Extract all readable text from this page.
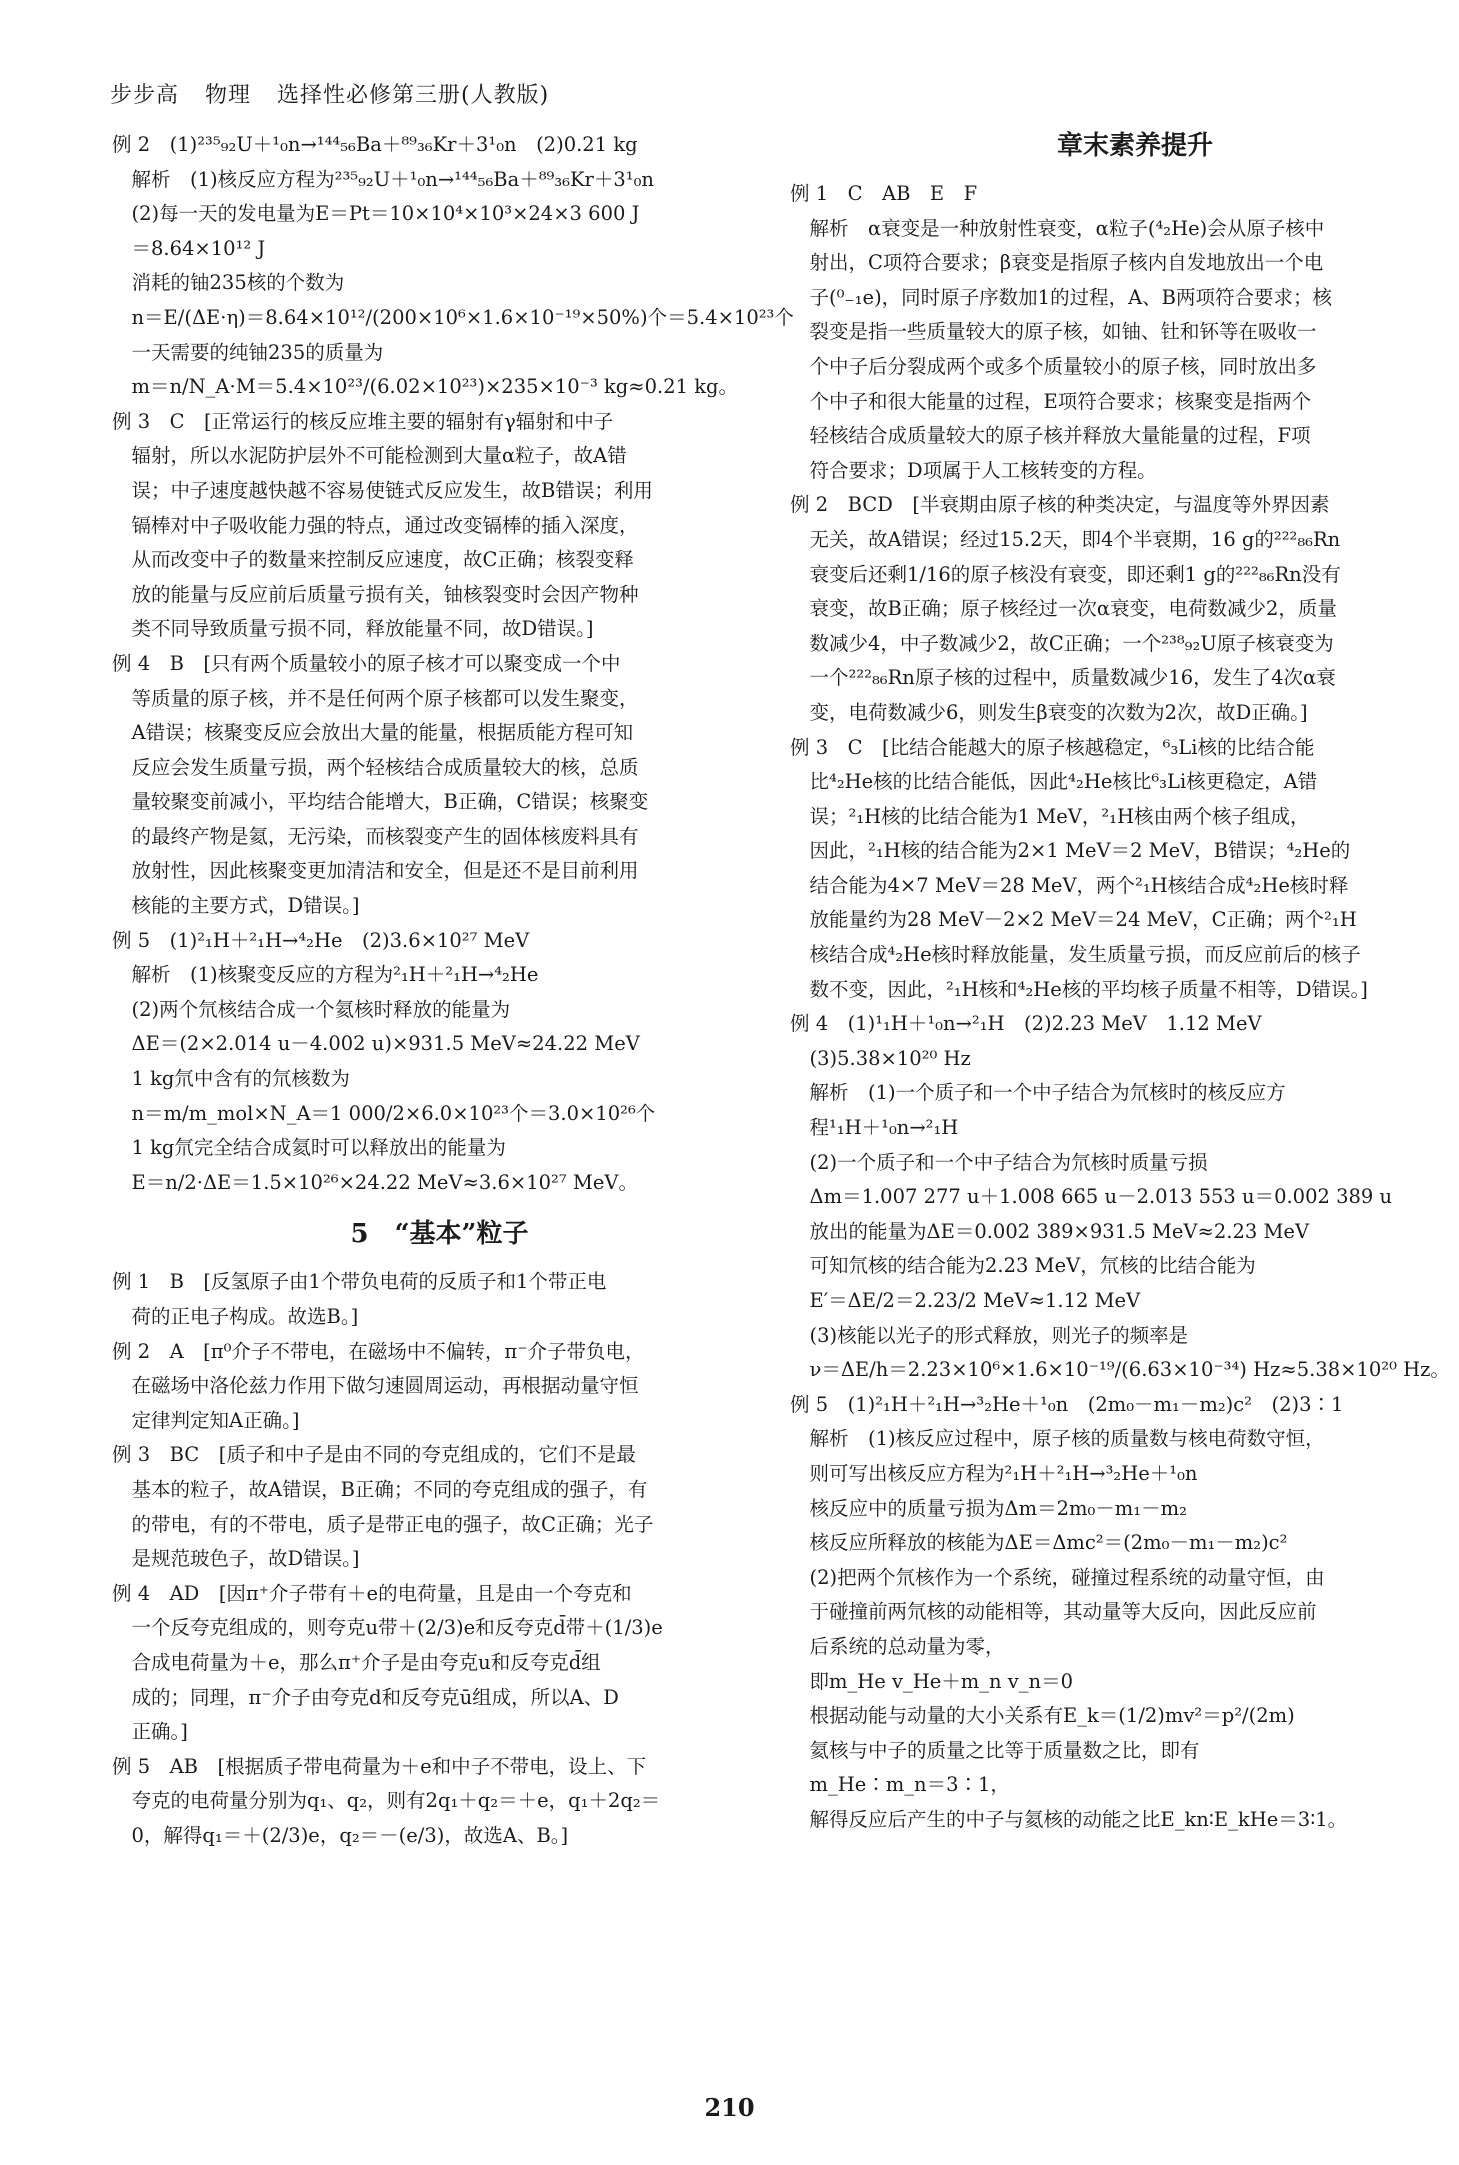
步步高 物理 选择性必修第三册(人教版)

例 2　(1)²³⁵₉₂U＋¹₀n→¹⁴⁴₅₆Ba＋⁸⁹₃₆Kr＋3¹₀n　(2)0.21 kg

　解析　(1)核反应方程为²³⁵₉₂U＋¹₀n→¹⁴⁴₅₆Ba＋⁸⁹₃₆Kr＋3¹₀n

　(2)每一天的发电量为E＝Pt＝10×10⁴×10³×24×3 600 J

　＝8.64×10¹² J

　消耗的铀235核的个数为

　n＝E/(ΔE·η)＝8.64×10¹²/(200×10⁶×1.6×10⁻¹⁹×50%)个＝5.4×10²³个

　一天需要的纯铀235的质量为

　m＝n/N_A·M＝5.4×10²³/(6.02×10²³)×235×10⁻³ kg≈0.21 kg。

例 3　C　[正常运行的核反应堆主要的辐射有γ辐射和中子

　辐射，所以水泥防护层外不可能检测到大量α粒子，故A错

　误；中子速度越快越不容易使链式反应发生，故B错误；利用

　镉棒对中子吸收能力强的特点，通过改变镉棒的插入深度，

　从而改变中子的数量来控制反应速度，故C正确；核裂变释

　放的能量与反应前后质量亏损有关，铀核裂变时会因产物种

　类不同导致质量亏损不同，释放能量不同，故D错误。]

例 4　B　[只有两个质量较小的原子核才可以聚变成一个中

　等质量的原子核，并不是任何两个原子核都可以发生聚变，

　A错误；核聚变反应会放出大量的能量，根据质能方程可知

　反应会发生质量亏损，两个轻核结合成质量较大的核，总质

　量较聚变前减小，平均结合能增大，B正确，C错误；核聚变

　的最终产物是氦，无污染，而核裂变产生的固体核废料具有

　放射性，因此核聚变更加清洁和安全，但是还不是目前利用

　核能的主要方式，D错误。]

例 5　(1)²₁H＋²₁H→⁴₂He　(2)3.6×10²⁷ MeV

　解析　(1)核聚变反应的方程为²₁H＋²₁H→⁴₂He

　(2)两个氘核结合成一个氦核时释放的能量为

　ΔE＝(2×2.014 u－4.002 u)×931.5 MeV≈24.22 MeV

　1 kg氘中含有的氘核数为

　n＝m/m_mol×N_A＝1 000/2×6.0×10²³个＝3.0×10²⁶个

　1 kg氘完全结合成氦时可以释放出的能量为

　E＝n/2·ΔE＝1.5×10²⁶×24.22 MeV≈3.6×10²⁷ MeV。

5　“基本”粒子

例 1　B　[反氢原子由1个带负电荷的反质子和1个带正电

　荷的正电子构成。故选B。]

例 2　A　[π⁰介子不带电，在磁场中不偏转，π⁻介子带负电，

　在磁场中洛伦兹力作用下做匀速圆周运动，再根据动量守恒

　定律判定知A正确。]

例 3　BC　[质子和中子是由不同的夸克组成的，它们不是最

　基本的粒子，故A错误，B正确；不同的夸克组成的强子，有

　的带电，有的不带电，质子是带正电的强子，故C正确；光子

　是规范玻色子，故D错误。]

例 4　AD　[因π⁺介子带有＋e的电荷量，且是由一个夸克和

　一个反夸克组成的，则夸克u带＋(2/3)e和反夸克d̄带＋(1/3)e

　合成电荷量为＋e，那么π⁺介子是由夸克u和反夸克d̄组

　成的；同理，π⁻介子由夸克d和反夸克ū组成，所以A、D

　正确。]

例 5　AB　[根据质子带电荷量为＋e和中子不带电，设上、下

　夸克的电荷量分别为q₁、q₂，则有2q₁＋q₂＝＋e，q₁＋2q₂＝

　0，解得q₁＝＋(2/3)e，q₂＝－(e/3)，故选A、B。]

章末素养提升

例 1　C　AB　E　F

　解析　α衰变是一种放射性衰变，α粒子(⁴₂He)会从原子核中

　射出，C项符合要求；β衰变是指原子核内自发地放出一个电

　子(⁰₋₁e)，同时原子序数加1的过程，A、B两项符合要求；核

　裂变是指一些质量较大的原子核，如铀、钍和钚等在吸收一

　个中子后分裂成两个或多个质量较小的原子核，同时放出多

　个中子和很大能量的过程，E项符合要求；核聚变是指两个

　轻核结合成质量较大的原子核并释放大量能量的过程，F项

　符合要求；D项属于人工核转变的方程。

例 2　BCD　[半衰期由原子核的种类决定，与温度等外界因素

　无关，故A错误；经过15.2天，即4个半衰期，16 g的²²²₈₆Rn

　衰变后还剩1/16的原子核没有衰变，即还剩1 g的²²²₈₆Rn没有

　衰变，故B正确；原子核经过一次α衰变，电荷数减少2，质量

　数减少4，中子数减少2，故C正确；一个²³⁸₉₂U原子核衰变为

　一个²²²₈₆Rn原子核的过程中，质量数减少16，发生了4次α衰

　变，电荷数减少6，则发生β衰变的次数为2次，故D正确。]

例 3　C　[比结合能越大的原子核越稳定，⁶₃Li核的比结合能

　比⁴₂He核的比结合能低，因此⁴₂He核比⁶₃Li核更稳定，A错

　误；²₁H核的比结合能为1 MeV，²₁H核由两个核子组成，

　因此，²₁H核的结合能为2×1 MeV＝2 MeV，B错误；⁴₂He的

　结合能为4×7 MeV＝28 MeV，两个²₁H核结合成⁴₂He核时释

　放能量约为28 MeV－2×2 MeV＝24 MeV，C正确；两个²₁H

　核结合成⁴₂He核时释放能量，发生质量亏损，而反应前后的核子

　数不变，因此，²₁H核和⁴₂He核的平均核子质量不相等，D错误。]

例 4　(1)¹₁H＋¹₀n→²₁H　(2)2.23 MeV　1.12 MeV

　(3)5.38×10²⁰ Hz

　解析　(1)一个质子和一个中子结合为氘核时的核反应方

　程¹₁H＋¹₀n→²₁H

　(2)一个质子和一个中子结合为氘核时质量亏损

　Δm＝1.007 277 u＋1.008 665 u－2.013 553 u＝0.002 389 u

　放出的能量为ΔE＝0.002 389×931.5 MeV≈2.23 MeV

　可知氘核的结合能为2.23 MeV，氘核的比结合能为

　E′＝ΔE/2＝2.23/2 MeV≈1.12 MeV

　(3)核能以光子的形式释放，则光子的频率是

　ν＝ΔE/h＝2.23×10⁶×1.6×10⁻¹⁹/(6.63×10⁻³⁴) Hz≈5.38×10²⁰ Hz。

例 5　(1)²₁H＋²₁H→³₂He＋¹₀n　(2m₀－m₁－m₂)c²　(2)3∶1

　解析　(1)核反应过程中，原子核的质量数与核电荷数守恒，

　则可写出核反应方程为²₁H＋²₁H→³₂He＋¹₀n

　核反应中的质量亏损为Δm＝2m₀－m₁－m₂

　核反应所释放的核能为ΔE＝Δmc²＝(2m₀－m₁－m₂)c²

　(2)把两个氘核作为一个系统，碰撞过程系统的动量守恒，由

　于碰撞前两氘核的动能相等，其动量等大反向，因此反应前

　后系统的总动量为零，

　即m_He v_He＋m_n v_n＝0

　根据动能与动量的大小关系有E_k＝(1/2)mv²＝p²/(2m)

　氦核与中子的质量之比等于质量数之比，即有

　m_He∶m_n＝3∶1，

　解得反应后产生的中子与氦核的动能之比E_kn∶E_kHe＝3∶1。

210
